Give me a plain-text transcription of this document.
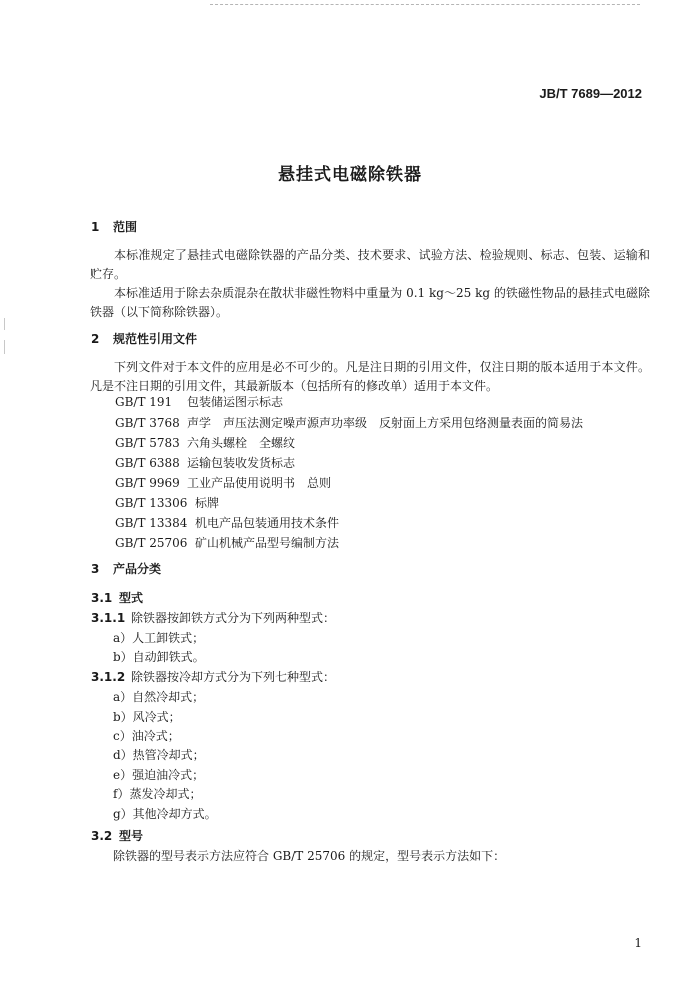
JB/T 7689—2012
悬挂式电磁除铁器
1 范围
本标准规定了悬挂式电磁除铁器的产品分类、技术要求、试验方法、检验规则、标志、包装、运输和贮存。
本标准适用于除去杂质混杂在散状非磁性物料中重量为 0.1 kg～25 kg 的铁磁性物品的悬挂式电磁除铁器（以下简称除铁器）。
2 规范性引用文件
下列文件对于本文件的应用是必不可少的。凡是注日期的引用文件，仅注日期的版本适用于本文件。凡是不注日期的引用文件，其最新版本（包括所有的修改单）适用于本文件。
GB/T 191 包装储运图示标志
GB/T 3768 声学　声压法测定噪声源声功率级　反射面上方采用包络测量表面的简易法
GB/T 5783 六角头螺栓　全螺纹
GB/T 6388 运输包装收发货标志
GB/T 9969 工业产品使用说明书　总则
GB/T 13306 标牌
GB/T 13384 机电产品包装通用技术条件
GB/T 25706 矿山机械产品型号编制方法
3 产品分类
3.1 型式
3.1.1 除铁器按卸铁方式分为下列两种型式：
a）人工卸铁式；
b）自动卸铁式。
3.1.2 除铁器按冷却方式分为下列七种型式：
a）自然冷却式；
b）风冷式；
c）油冷式；
d）热管冷却式；
e）强迫油冷式；
f）蒸发冷却式；
g）其他冷却方式。
3.2 型号
除铁器的型号表示方法应符合 GB/T 25706 的规定，型号表示方法如下：
1
